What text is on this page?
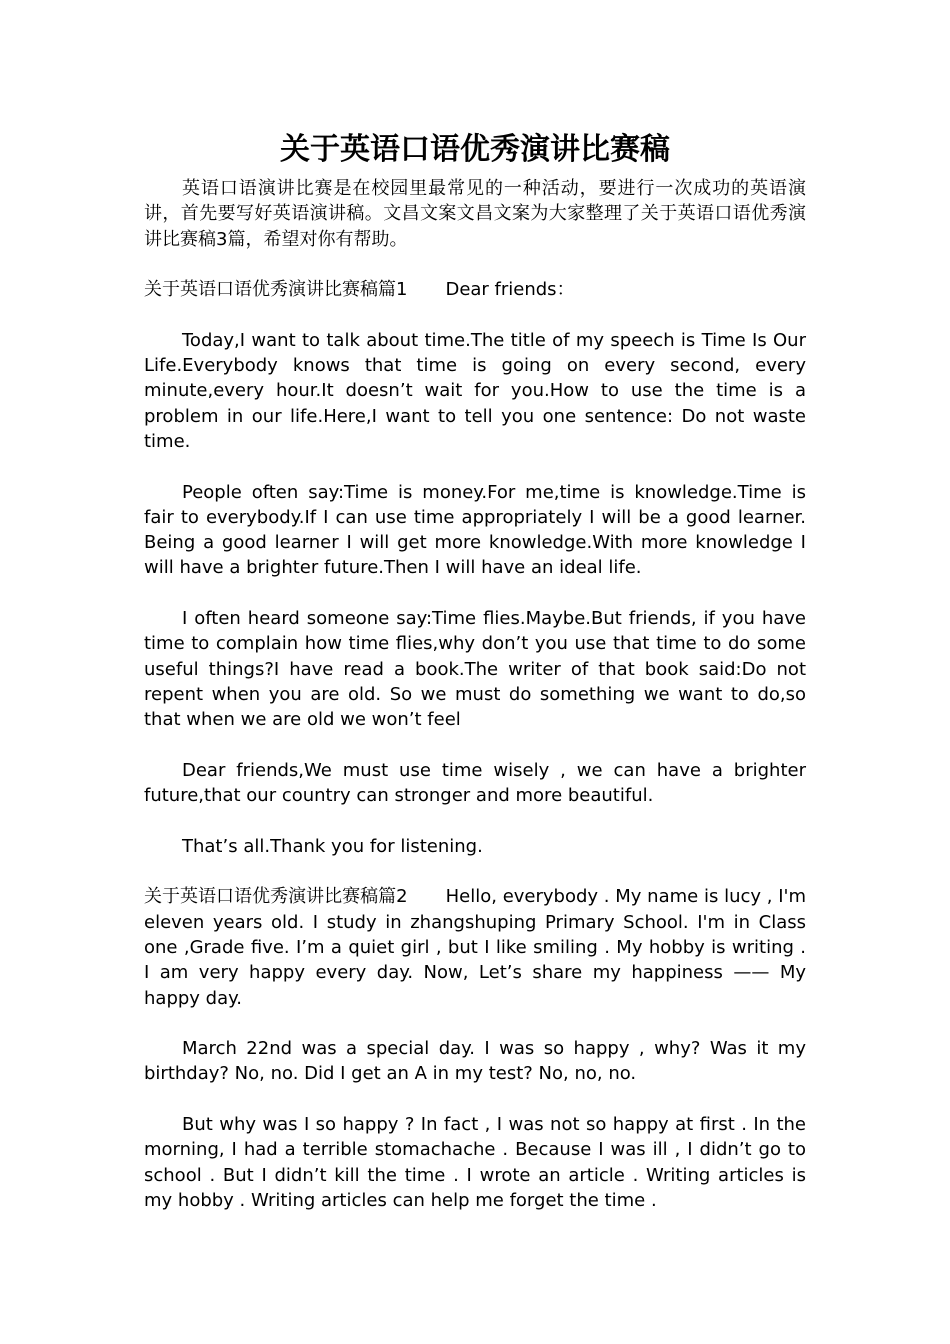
关于英语口语优秀演讲比赛稿

英语口语演讲比赛是在校园里最常见的一种活动，要进行一次成功的英语演讲，首先要写好英语演讲稿。文昌文案文昌文案为大家整理了关于英语口语优秀演讲比赛稿3篇，希望对你有帮助。

关于英语口语优秀演讲比赛稿篇1 Dear friends：

Today,I want to talk about time.The title of my speech is Time Is Our Life.Everybody knows that time is going on every second, every minute,every hour.It doesn’t wait for you.How to use the time is a problem in our life.Here,I want to tell you one sentence: Do not waste time.

People often say:Time is money.For me,time is knowledge.Time is fair to everybody.If I can use time appropriately I will be a good learner. Being a good learner I will get more knowledge.With more knowledge I will have a brighter future.Then I will have an ideal life.

I often heard someone say:Time flies.Maybe.But friends, if you have time to complain how time flies,why don’t you use that time to do some useful things?I have read a book.The writer of that book said:Do not repent when you are old. So we must do something we want to do,so that when we are old we won’t feel

Dear friends,We must use time wisely , we can have a brighter future,that our country can stronger and more beautiful.

That’s all.Thank you for listening.

关于英语口语优秀演讲比赛稿篇2 Hello, everybody . My name is lucy , I'm eleven years old. I study in zhangshuping Primary School. I'm in Class one ,Grade five. I’m a quiet girl , but I like smiling . My hobby is writing . I am very happy every day. Now, Let’s share my happiness —— My happy day.

March 22nd was a special day. I was so happy , why? Was it my birthday? No, no. Did I get an A in my test? No, no, no.

But why was I so happy ? In fact , I was not so happy at first . In the morning, I had a terrible stomachache . Because I was ill , I didn’t go to school . But I didn’t kill the time . I wrote an article . Writing articles is my hobby . Writing articles can help me forget the time .
